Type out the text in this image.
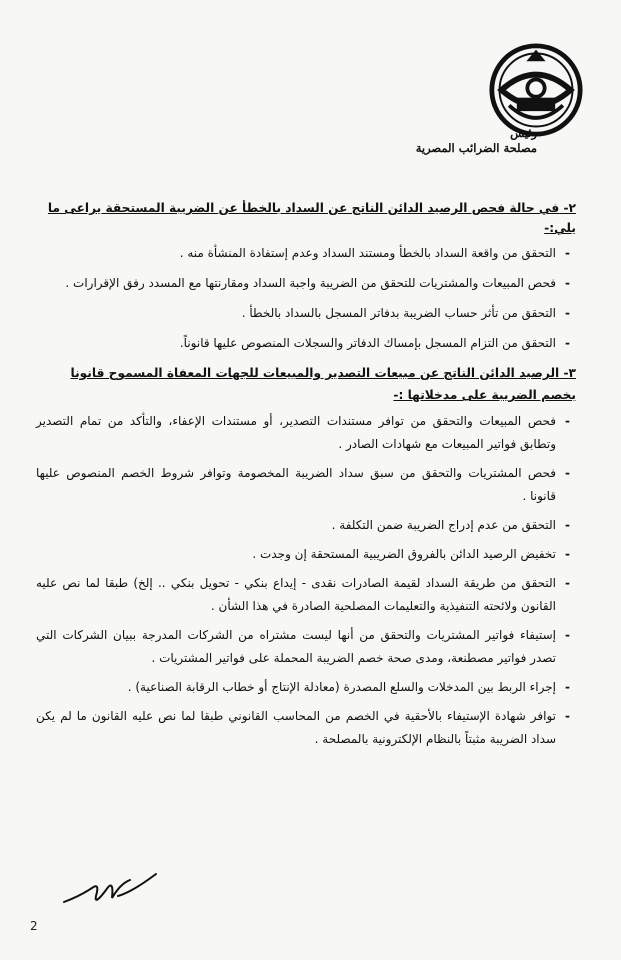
رئيس
مصلحة الضرائب المصرية
٢- في حالة فحص الرصيد الدائن الناتج عن السداد بالخطأ عن الضريبة المستحقة يراعى ما يلي:-
- التحقق من واقعة السداد بالخطأ ومستند السداد وعدم إستفادة المنشأة منه .
- فحص المبيعات والمشتريات للتحقق من الضريبة واجبة السداد ومقارنتها مع المسدد رفق الإقرارات .
- التحقق من تأثر حساب الضريبة بدفاتر المسجل بالسداد بالخطأ .
- التحقق من التزام المسجل بإمساك الدفاتر والسجلات المنصوص عليها قانوناً.
٣- الرصيد الدائن الناتج عن مبيعات التصدير والمبيعات للجهات المعفاة المسموح قانونا بخصم الضريبة على مدخلاتها :-
- فحص المبيعات والتحقق من توافر مستندات التصدير، أو مستندات الإعفاء، والتأكد من تمام التصدير وتطابق فواتير المبيعات مع شهادات الصادر .
- فحص المشتريات والتحقق من سبق سداد الضريبة المخصومة وتوافر شروط الخصم المنصوص عليها قانونا .
- التحقق من عدم إدراج الضريبة ضمن التكلفة .
- تخفيض الرصيد الدائن بالفروق الضريبية المستحقة إن وجدت .
- التحقق من طريقة السداد لقيمة الصادرات نقدى - إيداع بنكي - تحويل بنكي .. إلخ) طبقا لما نص عليه القانون ولائحته التنفيذية والتعليمات المصلحية الصادرة في هذا الشأن .
- إستيفاء فواتير المشتريات والتحقق من أنها ليست مشتراه من الشركات المدرجة ببيان الشركات التي تصدر فواتير مصطنعة، ومدى صحة خصم الضريبة المحملة على فواتير المشتريات .
- إجراء الربط بين المدخلات والسلع المصدرة (معادلة الإنتاج أو خطاب الرقابة الصناعية) .
- توافر شهادة الإستيفاء بالأحقية في الخصم من المحاسب القانوني طبقا لما نص عليه القانون ما لم يكن سداد الضريبة مثبتاً بالنظام الإلكترونية بالمصلحة .
2
